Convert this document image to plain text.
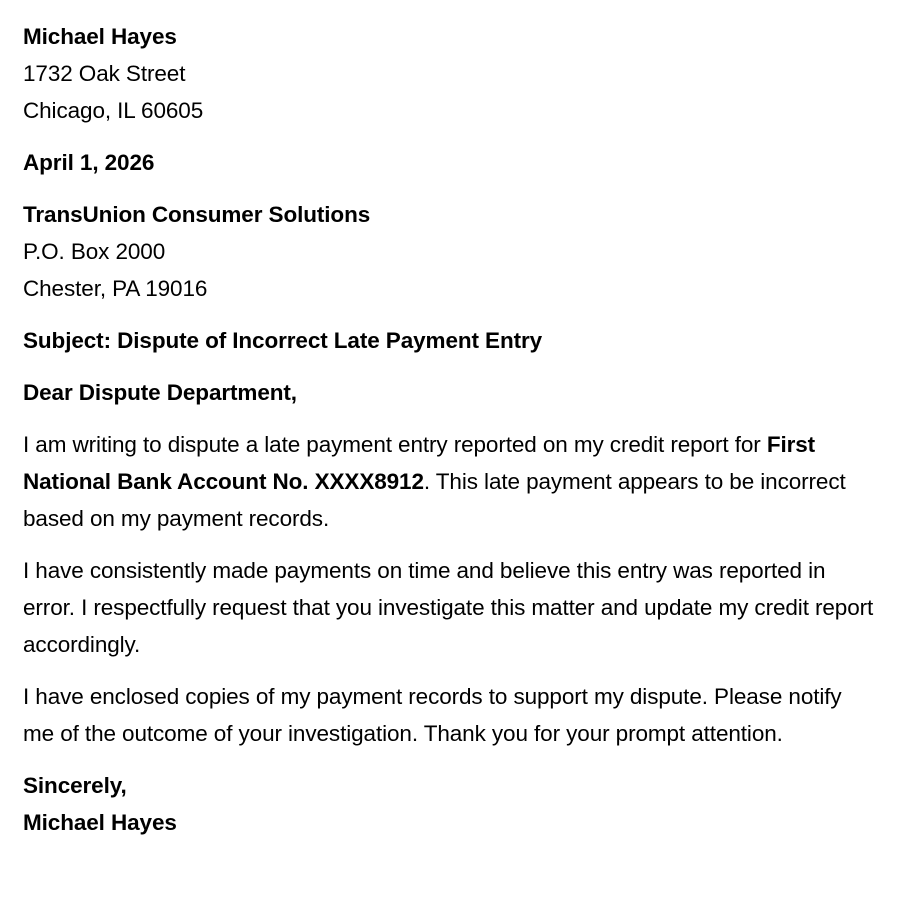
Michael Hayes
1732 Oak Street
Chicago, IL 60605
April 1, 2026
TransUnion Consumer Solutions
P.O. Box 2000
Chester, PA 19016
Subject: Dispute of Incorrect Late Payment Entry
Dear Dispute Department,

I am writing to dispute a late payment entry reported on my credit report for First National Bank Account No. XXXX8912. This late payment appears to be incorrect based on my payment records.

I have consistently made payments on time and believe this entry was reported in error. I respectfully request that you investigate this matter and update my credit report accordingly.

I have enclosed copies of my payment records to support my dispute. Please notify me of the outcome of your investigation. Thank you for your prompt attention.

Sincerely,
Michael Hayes
